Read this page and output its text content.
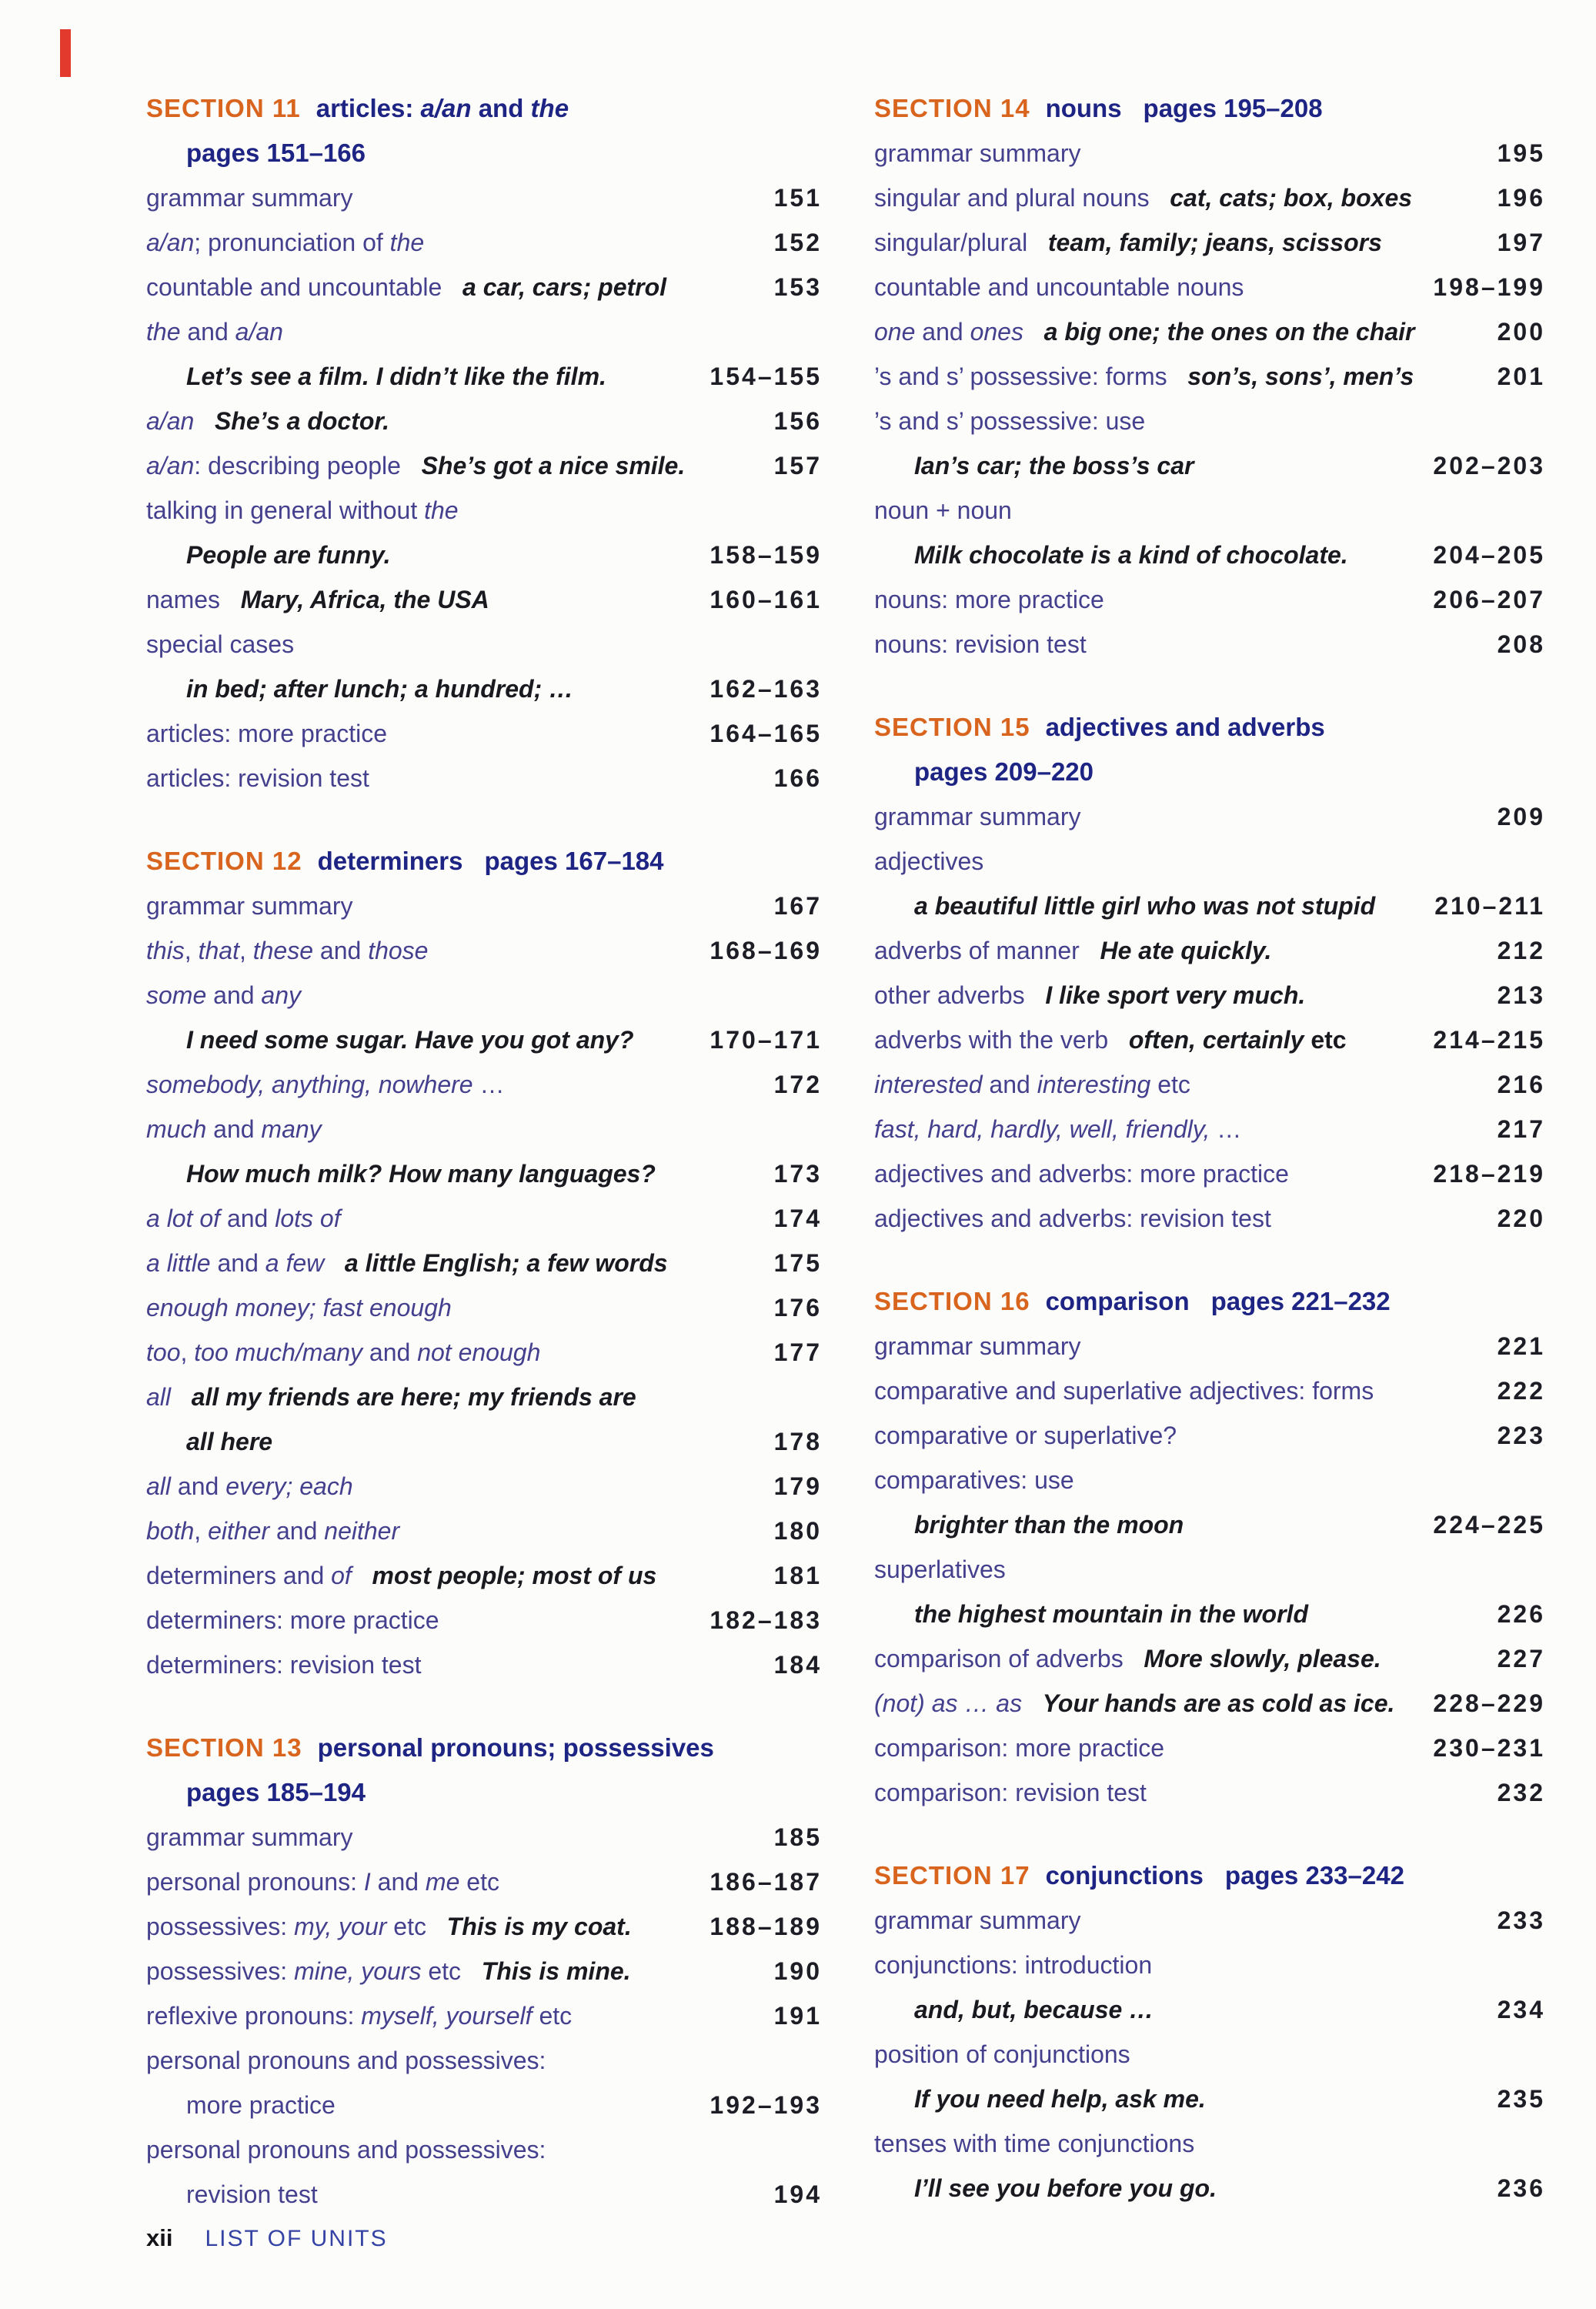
SECTION 11 articles: a/an and the
pages 151–166
grammar summary	151
a/an; pronunciation of the	152
countable and uncountable a car, cars; petrol	153
the and a/an
Let’s see a film. I didn’t like the film.	154–155
a/an She’s a doctor.	156
a/an: describing people She’s got a nice smile.	157
talking in general without the
People are funny.	158–159
names Mary, Africa, the USA	160–161
special cases
in bed; after lunch; a hundred; …	162–163
articles: more practice	164–165
articles: revision test	166
SECTION 12 determiners pages 167–184
grammar summary	167
this, that, these and those	168–169
some and any
I need some sugar. Have you got any?	170–171
somebody, anything, nowhere …	172
much and many
How much milk? How many languages?	173
a lot of and lots of	174
a little and a few a little English; a few words	175
enough money; fast enough	176
too, too much/many and not enough	177
all all my friends are here; my friends are
all here	178
all and every; each	179
both, either and neither	180
determiners and of most people; most of us	181
determiners: more practice	182–183
determiners: revision test	184
SECTION 13 personal pronouns; possessives
pages 185–194
grammar summary	185
personal pronouns: I and me etc	186–187
possessives: my, your etc This is my coat.	188–189
possessives: mine, yours etc This is mine.	190
reflexive pronouns: myself, yourself etc	191
personal pronouns and possessives:
more practice	192–193
personal pronouns and possessives:
revision test	194
SECTION 14 nouns pages 195–208
grammar summary	195
singular and plural nouns cat, cats; box, boxes	196
singular/plural team, family; jeans, scissors	197
countable and uncountable nouns	198–199
one and ones a big one; the ones on the chair	200
’s and s’ possessive: forms son’s, sons’, men’s	201
’s and s’ possessive: use
Ian’s car; the boss’s car	202–203
noun + noun
Milk chocolate is a kind of chocolate.	204–205
nouns: more practice	206–207
nouns: revision test	208
SECTION 15 adjectives and adverbs
pages 209–220
grammar summary	209
adjectives
a beautiful little girl who was not stupid	210–211
adverbs of manner He ate quickly.	212
other adverbs I like sport very much.	213
adverbs with the verb often, certainly etc	214–215
interested and interesting etc	216
fast, hard, hardly, well, friendly, …	217
adjectives and adverbs: more practice	218–219
adjectives and adverbs: revision test	220
SECTION 16 comparison pages 221–232
grammar summary	221
comparative and superlative adjectives: forms	222
comparative or superlative?	223
comparatives: use
brighter than the moon	224–225
superlatives
the highest mountain in the world	226
comparison of adverbs More slowly, please.	227
(not) as … as Your hands are as cold as ice.	228–229
comparison: more practice	230–231
comparison: revision test	232
SECTION 17 conjunctions pages 233–242
grammar summary	233
conjunctions: introduction
and, but, because …	234
position of conjunctions
If you need help, ask me.	235
tenses with time conjunctions
I’ll see you before you go.	236
xii LIST OF UNITS
